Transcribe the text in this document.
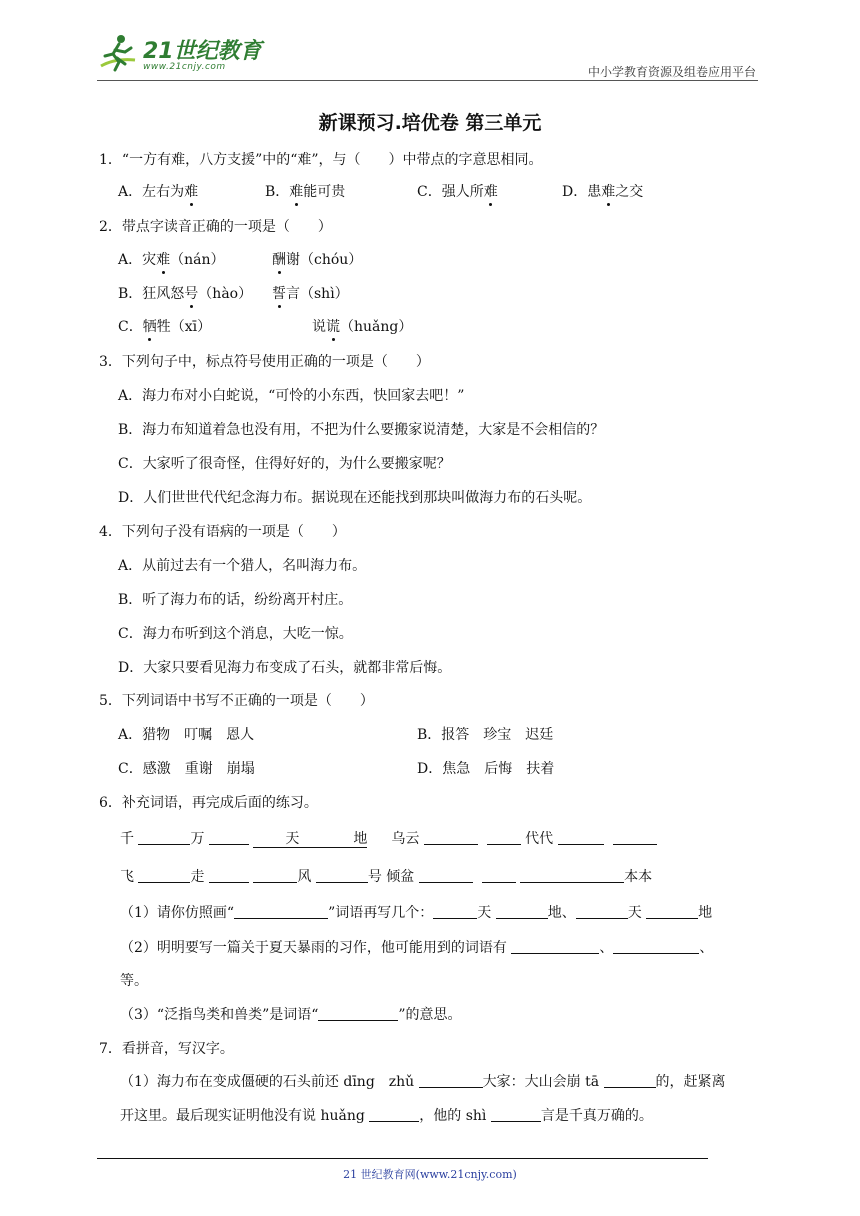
21世纪教育
www.21cnjy.com	中小学教育资源及组卷应用平台
新课预习.培优卷 第三单元
1．“一方有难，八方支援”中的“难”，与（　　）中带点的字意思相同。
A．左右为难	B．难能可贵	C．强人所难	D．患难之交
2．带点字读音正确的一项是（　　）
A．灾难（nán）	酬谢（chóu）
B．狂风怒号（hào） 誓言（shì）
C．牺牲（xī）	说谎（huǎng）
3．下列句子中，标点符号使用正确的一项是（　　）
A．海力布对小白蛇说，“可怜的小东西，快回家去吧！”
B．海力布知道着急也没有用，不把为什么要搬家说清楚，大家是不会相信的？
C．大家听了很奇怪，住得好好的，为什么要搬家呢？
D．人们世世代代纪念海力布。据说现在还能找到那块叫做海力布的石头呢。
4．下列句子没有语病的一项是（　　）
A．从前过去有一个猎人，名叫海力布。
B．听了海力布的话，纷纷离开村庄。
C．海力布听到这个消息，大吃一惊。
D．大家只要看见海力布变成了石头，就都非常后悔。
5．下列词语中书写不正确的一项是（　　）
A．猎物　叮嘱　恩人	B．报答　珍宝　迟廷
C．感激　重谢　崩塌	D．焦急　后悔　扶着
6．补充词语，再完成后面的练习。
千	万	天	地 乌云	代代
飞	走	风	号 倾盆	本本
（1）请你仿照画“	”词语再写几个：	天	地、	天	地
（2）明明要写一篇关于夏天暴雨的习作，他可能用到的词语有	、	、
等。
（3）“泛指鸟类和兽类”是词语“	”的意思。
7．看拼音，写汉字。
（1）海力布在变成僵硬的石头前还 dīng　zhǔ	大家：大山会崩 tā	的，赶紧离
开这里。最后现实证明他没有说 huǎng	，他的 shì	言是千真万确的。
21 世纪教育网(www.21cnjy.com)
